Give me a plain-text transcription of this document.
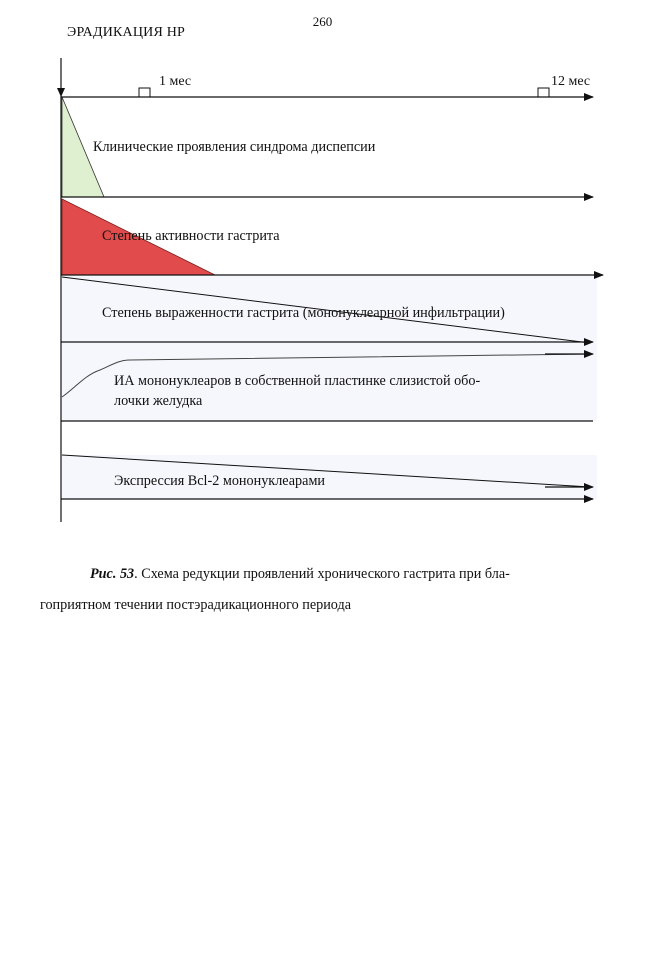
260
ЭРАДИКАЦИЯ НР
1 мес	12 мес
Клинические проявления синдрома диспепсии
Степень активности гастрита
Степень выраженности гастрита (мононуклеарной инфильтрации)
ИА мононуклеаров в собственной пластинке слизистой обо-
лочки желудка
Экспрессия Bcl-2 мононуклеарами
Рис. 53. Схема редукции проявлений хронического гастрита при бла-
гоприятном течении постэрадикационного периода
